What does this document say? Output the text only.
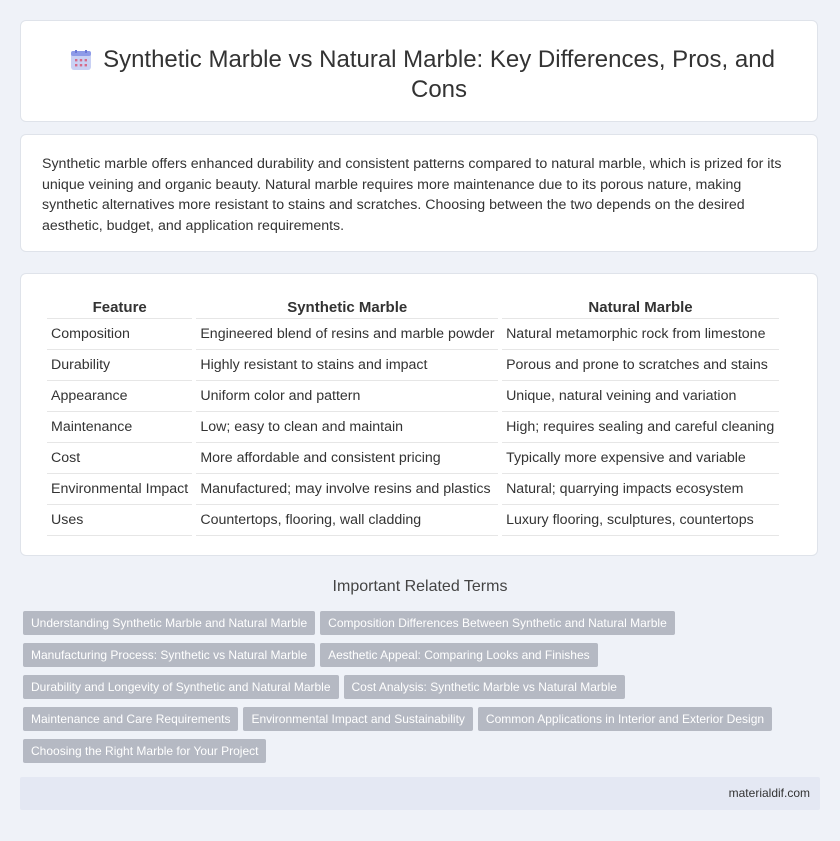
Synthetic Marble vs Natural Marble: Key Differences, Pros, and Cons

Synthetic marble offers enhanced durability and consistent patterns compared to natural marble, which is prized for its unique veining and organic beauty. Natural marble requires more maintenance due to its porous nature, making synthetic alternatives more resistant to stains and scratches. Choosing between the two depends on the desired aesthetic, budget, and application requirements.

Feature	Synthetic Marble	Natural Marble
Composition	Engineered blend of resins and marble powder	Natural metamorphic rock from limestone
Durability	Highly resistant to stains and impact	Porous and prone to scratches and stains
Appearance	Uniform color and pattern	Unique, natural veining and variation
Maintenance	Low; easy to clean and maintain	High; requires sealing and careful cleaning
Cost	More affordable and consistent pricing	Typically more expensive and variable
Environmental Impact	Manufactured; may involve resins and plastics	Natural; quarrying impacts ecosystem
Uses	Countertops, flooring, wall cladding	Luxury flooring, sculptures, countertops
Important Related Terms
Understanding Synthetic Marble and Natural Marble Composition Differences Between Synthetic and Natural Marble
Manufacturing Process: Synthetic vs Natural Marble Aesthetic Appeal: Comparing Looks and Finishes
Durability and Longevity of Synthetic and Natural Marble Cost Analysis: Synthetic Marble vs Natural Marble
Maintenance and Care Requirements Environmental Impact and Sustainability Common Applications in Interior and Exterior Design
Choosing the Right Marble for Your Project
materialdif.com
